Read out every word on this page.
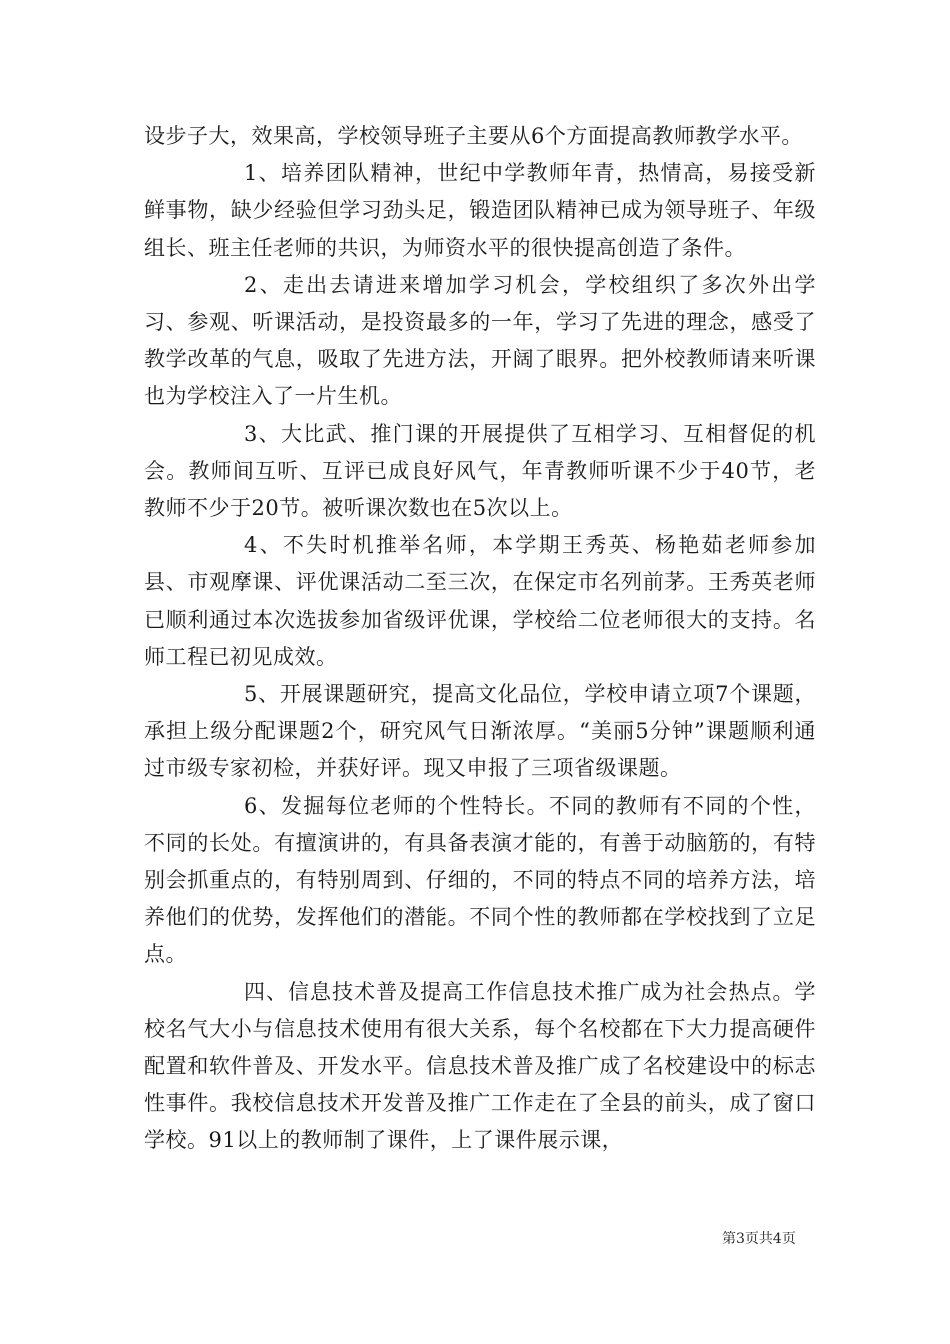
设步子大，效果高，学校领导班子主要从6个方面提高教师教学水平。

1、培养团队精神，世纪中学教师年青，热情高，易接受新鲜事物，缺少经验但学习劲头足，锻造团队精神已成为领导班子、年级组长、班主任老师的共识，为师资水平的很快提高创造了条件。

2、走出去请进来增加学习机会，学校组织了多次外出学习、参观、听课活动，是投资最多的一年，学习了先进的理念，感受了教学改革的气息，吸取了先进方法，开阔了眼界。把外校教师请来听课也为学校注入了一片生机。

3、大比武、推门课的开展提供了互相学习、互相督促的机会。教师间互听、互评已成良好风气，年青教师听课不少于40节，老教师不少于20节。被听课次数也在5次以上。

4、不失时机推举名师，本学期王秀英、杨艳茹老师参加县、市观摩课、评优课活动二至三次，在保定市名列前茅。王秀英老师已顺利通过本次选拔参加省级评优课，学校给二位老师很大的支持。名师工程已初见成效。

5、开展课题研究，提高文化品位，学校申请立项7个课题，承担上级分配课题2个，研究风气日渐浓厚。“美丽5分钟”课题顺利通过市级专家初检，并获好评。现又申报了三项省级课题。

6、发掘每位老师的个性特长。不同的教师有不同的个性，不同的长处。有擅演讲的，有具备表演才能的，有善于动脑筋的，有特别会抓重点的，有特别周到、仔细的，不同的特点不同的培养方法，培养他们的优势，发挥他们的潜能。不同个性的教师都在学校找到了立足点。

四、信息技术普及提高工作信息技术推广成为社会热点。学校名气大小与信息技术使用有很大关系，每个名校都在下大力提高硬件配置和软件普及、开发水平。信息技术普及推广成了名校建设中的标志性事件。我校信息技术开发普及推广工作走在了全县的前头，成了窗口学校。91以上的教师制了课件，上了课件展示课，

第3页共4页
